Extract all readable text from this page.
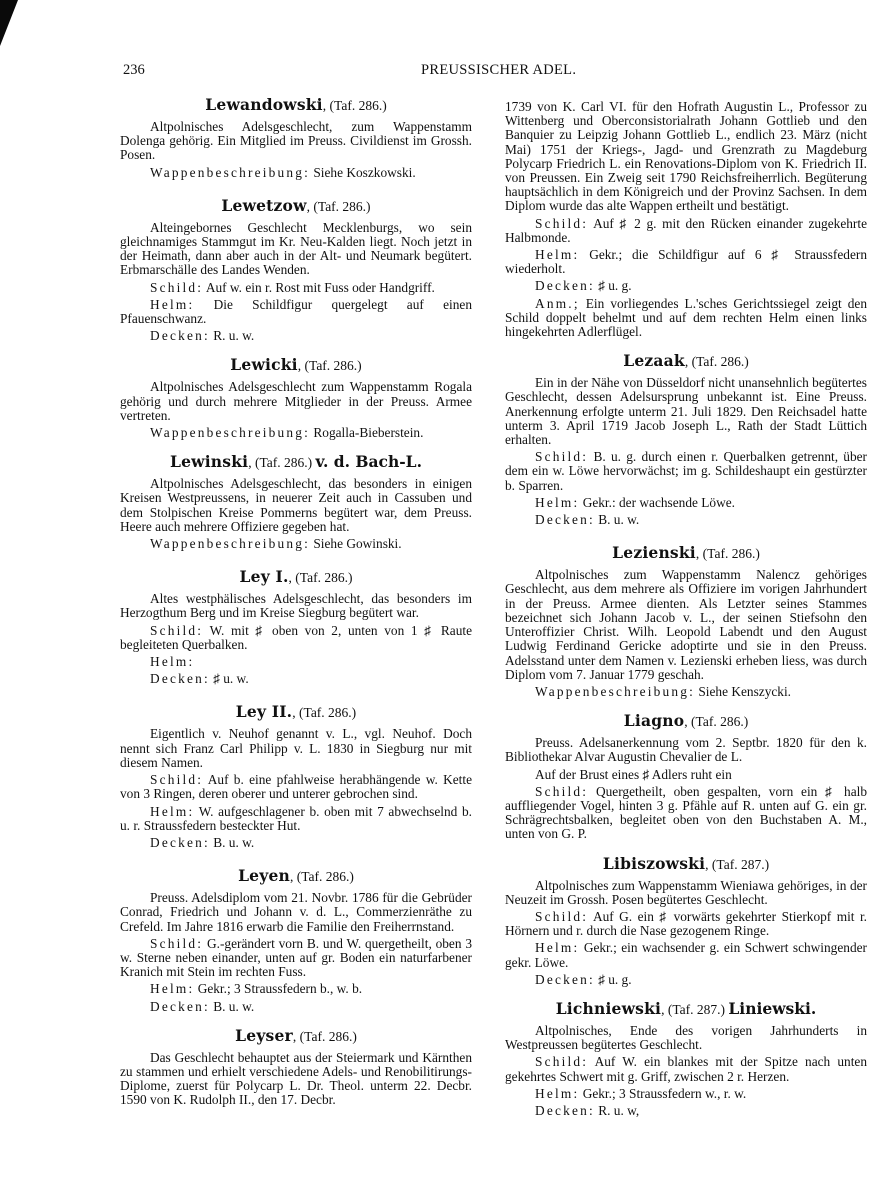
236	PREUSSISCHER ADEL.
Lewandowski, (Taf. 286.)

Altpolnisches Adelsgeschlecht, zum Wappenstamm Dolenga gehörig. Ein Mitglied im Preuss. Civildienst im Grossh. Posen.

Wappenbeschreibung: Siehe Koszkowski.

Lewetzow, (Taf. 286.)

Alteingebornes Geschlecht Mecklenburgs, wo sein gleichnamiges Stammgut im Kr. Neu-Kalden liegt. Noch jetzt in der Heimath, dann aber auch in der Alt- und Neumark begütert. Erbmarschälle des Landes Wenden.

Schild: Auf w. ein r. Rost mit Fuss oder Handgriff.

Helm: Die Schildfigur quergelegt auf einen Pfauenschwanz.

Decken: R. u. w.

Lewicki, (Taf. 286.)

Altpolnisches Adelsgeschlecht zum Wappenstamm Rogala gehörig und durch mehrere Mitglieder in der Preuss. Armee vertreten.

Wappenbeschreibung: Rogalla-Bieberstein.

Lewinski, (Taf. 286.) v. d. Bach-L.

Altpolnisches Adelsgeschlecht, das besonders in einigen Kreisen Westpreussens, in neuerer Zeit auch in Cassuben und dem Stolpischen Kreise Pommerns begütert war, dem Preuss. Heere auch mehrere Offiziere gegeben hat.

Wappenbeschreibung: Siehe Gowinski.

Ley I., (Taf. 286.)

Altes westphälisches Adelsgeschlecht, das besonders im Herzogthum Berg und im Kreise Siegburg begütert war.

Schild: W. mit ♯ oben von 2, unten von 1 ♯ Raute begleiteten Querbalken.

Helm:

Decken: ♯ u. w.

Ley II., (Taf. 286.)

Eigentlich v. Neuhof genannt v. L., vgl. Neuhof. Doch nennt sich Franz Carl Philipp v. L. 1830 in Siegburg nur mit diesem Namen.

Schild: Auf b. eine pfahlweise herabhängende w. Kette von 3 Ringen, deren oberer und unterer gebrochen sind.

Helm: W. aufgeschlagener b. oben mit 7 abwechselnd b. u. r. Straussfedern besteckter Hut.

Decken: B. u. w.

Leyen, (Taf. 286.)

Preuss. Adelsdiplom vom 21. Novbr. 1786 für die Gebrüder Conrad, Friedrich und Johann v. d. L., Commerzienräthe zu Crefeld. Im Jahre 1816 erwarb die Familie den Freiherrnstand.

Schild: G.-gerändert vorn B. und W. quergetheilt, oben 3 w. Sterne neben einander, unten auf gr. Boden ein naturfarbener Kranich mit Stein im rechten Fuss.

Helm: Gekr.; 3 Straussfedern b., w. b.

Decken: B. u. w.

Leyser, (Taf. 286.)

Das Geschlecht behauptet aus der Steiermark und Kärnthen zu stammen und erhielt verschiedene Adels- und Renobilitirungs-Diplome, zuerst für Polycarp L. Dr. Theol. unterm 22. Decbr. 1590 von K. Rudolph II., den 17. Decbr.

1739 von K. Carl VI. für den Hofrath Augustin L., Professor zu Wittenberg und Oberconsistorialrath Johann Gottlieb und den Banquier zu Leipzig Johann Gottlieb L., endlich 23. März (nicht Mai) 1751 der Kriegs-, Jagd- und Grenzrath zu Magdeburg Polycarp Friedrich L. ein Renovations-Diplom von K. Friedrich II. von Preussen. Ein Zweig seit 1790 Reichsfreiherrlich. Begüterung hauptsächlich in dem Königreich und der Provinz Sachsen. In dem Diplom wurde das alte Wappen ertheilt und bestätigt.

Schild: Auf ♯ 2 g. mit den Rücken einander zugekehrte Halbmonde.

Helm: Gekr.; die Schildfigur auf 6 ♯ Straussfedern wiederholt.

Decken: ♯ u. g.

Anm.; Ein vorliegendes L.'sches Gerichtssiegel zeigt den Schild doppelt behelmt und auf dem rechten Helm einen links hingekehrten Adlerflügel.

Lezaak, (Taf. 286.)

Ein in der Nähe von Düsseldorf nicht unansehnlich begütertes Geschlecht, dessen Adelsursprung unbekannt ist. Eine Preuss. Anerkennung erfolgte unterm 21. Juli 1829. Den Reichsadel hatte unterm 3. April 1719 Jacob Joseph L., Rath der Stadt Lüttich erhalten.

Schild: B. u. g. durch einen r. Querbalken getrennt, über dem ein w. Löwe hervorwächst; im g. Schildeshaupt ein gestürzter b. Sparren.

Helm: Gekr.: der wachsende Löwe.

Decken: B. u. w.

Lezienski, (Taf. 286.)

Altpolnisches zum Wappenstamm Nalencz gehöriges Geschlecht, aus dem mehrere als Offiziere im vorigen Jahrhundert in der Preuss. Armee dienten. Als Letzter seines Stammes bezeichnet sich Johann Jacob v. L., der seinen Stiefsohn den Unteroffizier Christ. Wilh. Leopold Labendt und den August Ludwig Ferdinand Gericke adoptirte und sie in den Preuss. Adelsstand unter dem Namen v. Lezienski erheben liess, was durch Diplom vom 7. Januar 1779 geschah.

Wappenbeschreibung: Siehe Kenszycki.

Liagno, (Taf. 286.)

Preuss. Adelsanerkennung vom 2. Septbr. 1820 für den k. Bibliothekar Alvar Augustin Chevalier de L.

Auf der Brust eines ♯ Adlers ruht ein

Schild: Quergetheilt, oben gespalten, vorn ein ♯ halb auffliegender Vogel, hinten 3 g. Pfähle auf R. unten auf G. ein gr. Schrägrechtsbalken, begleitet oben von den Buchstaben A. M., unten von G. P.

Libiszowski, (Taf. 287.)

Altpolnisches zum Wappenstamm Wieniawa gehöriges, in der Neuzeit im Grossh. Posen begütertes Geschlecht.

Schild: Auf G. ein ♯ vorwärts gekehrter Stierkopf mit r. Hörnern und r. durch die Nase gezogenem Ringe.

Helm: Gekr.; ein wachsender g. ein Schwert schwingender gekr. Löwe.

Decken: ♯ u. g.

Lichniewski, (Taf. 287.) Liniewski.

Altpolnisches, Ende des vorigen Jahrhunderts in Westpreussen begütertes Geschlecht.

Schild: Auf W. ein blankes mit der Spitze nach unten gekehrtes Schwert mit g. Griff, zwischen 2 r. Herzen.

Helm: Gekr.; 3 Straussfedern w., r. w.

Decken: R. u. w,
